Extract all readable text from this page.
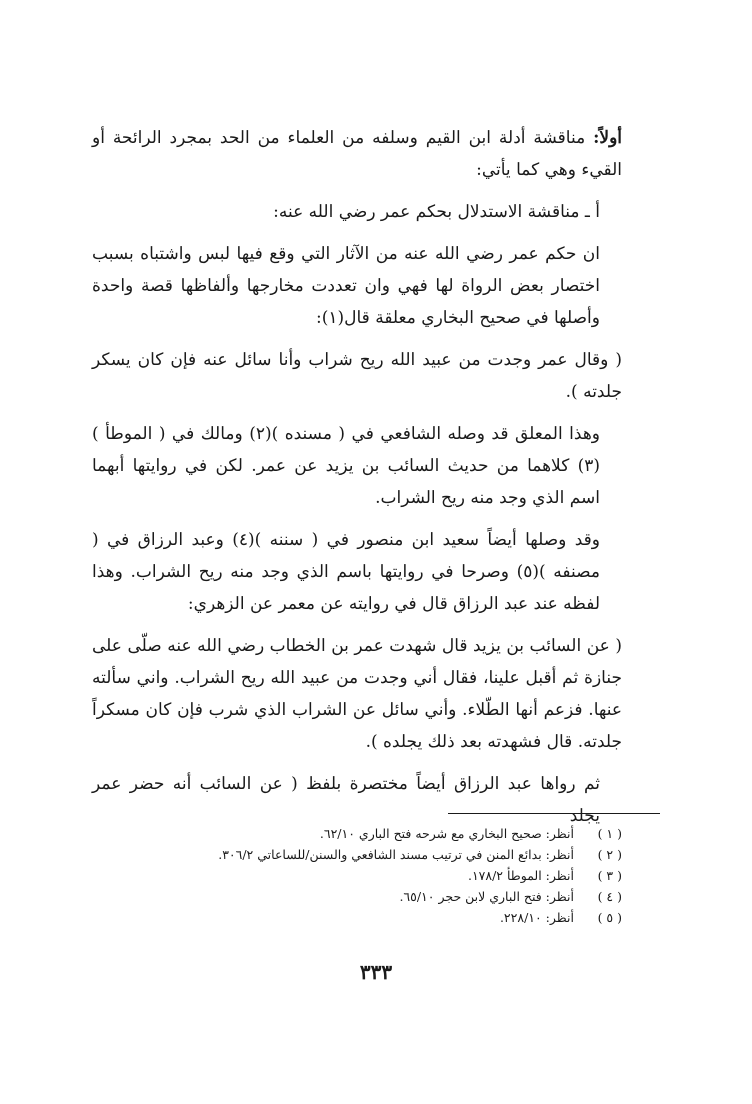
أولاً: مناقشة أدلة ابن القيم وسلفه من العلماء من الحد بمجرد الرائحة أو القيء وهي كما يأتي:

أ ـ مناقشة الاستدلال بحكم عمر رضي الله عنه:

ان حكم عمر رضي الله عنه من الآثار التي وقع فيها لبس واشتباه بسبب اختصار بعض الرواة لها فهي وان تعددت مخارجها وألفاظها قصة واحدة وأصلها في صحيح البخاري معلقة قال(١):

( وقال عمر وجدت من عبيد الله ريح شراب وأنا سائل عنه فإن كان يسكر جلدته ).

وهذا المعلق قد وصله الشافعي في ( مسنده )(٢) ومالك في ( الموطأ )(٣) كلاهما من حديث السائب بن يزيد عن عمر. لكن في روايتها أبهما اسم الذي وجد منه ريح الشراب.

وقد وصلها أيضاً سعيد ابن منصور في ( سننه )(٤) وعبد الرزاق في ( مصنفه )(٥) وصرحا في روايتها باسم الذي وجد منه ريح الشراب. وهذا لفظه عند عبد الرزاق قال في روايته عن معمر عن الزهري:

( عن السائب بن يزيد قال شهدت عمر بن الخطاب رضي الله عنه صلّى على جنازة ثم أقبل علينا، فقال أني وجدت من عبيد الله ريح الشراب. واني سألته عنها. فزعم أنها الطّلاء. وأني سائل عن الشراب الذي شرب فإن كان مسكراً جلدته. قال فشهدته بعد ذلك يجلده ).

ثم رواها عبد الرزاق أيضاً مختصرة بلفظ ( عن السائب أنه حضر عمر يجلد

( ١ )
أنظر: صحيح البخاري مع شرحه فتح الباري ٦٢/١٠.
( ٢ )
أنظر: بدائع المنن في ترتيب مسند الشافعي والسنن/للساعاتي ٣٠٦/٢.
( ٣ )
أنظر: الموطأ ١٧٨/٢.
( ٤ )
أنظر: فتح الباري لابن حجر ٦٥/١٠.
( ٥ )
أنظر: ٢٢٨/١٠.
٣٣٣
